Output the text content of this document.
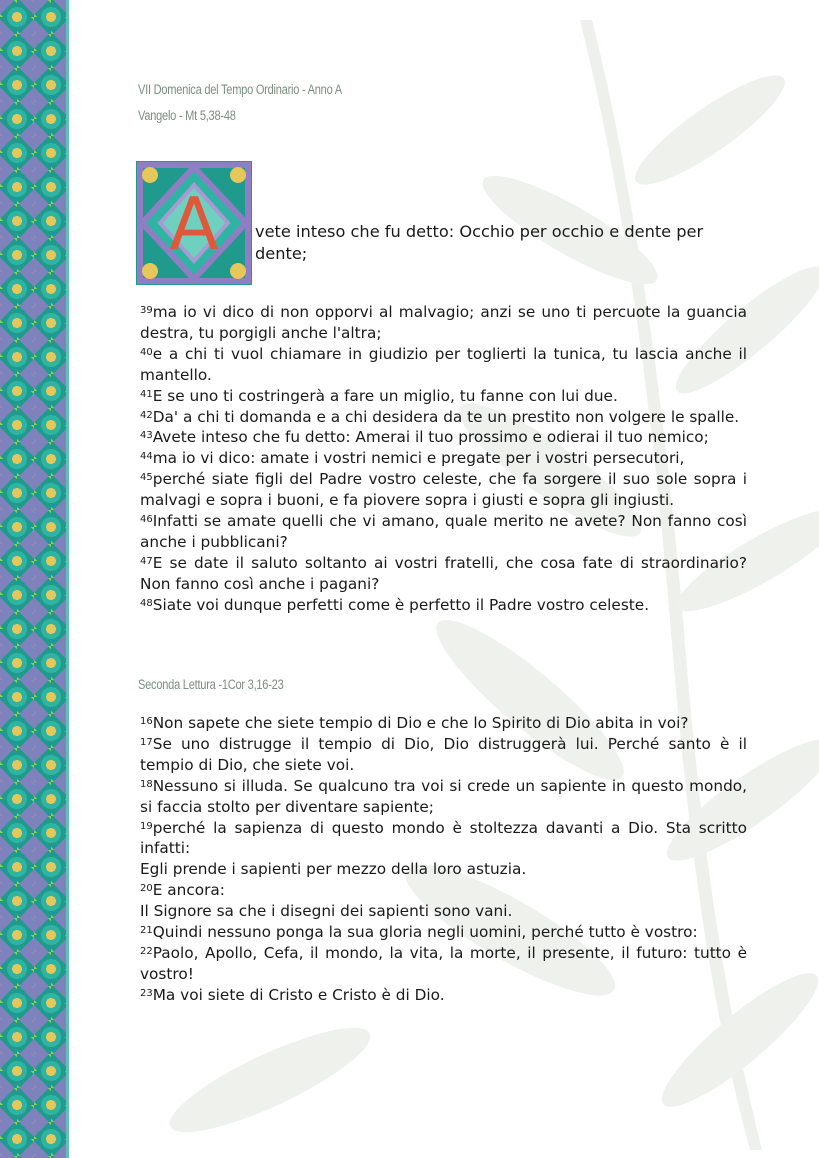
VII Domenica del Tempo Ordinario - Anno A
Vangelo - Mt 5,38-48
A vete inteso che fu detto: Occhio per occhio e dente per
dente;

$^{39}$ma io vi dico di non opporvi al malvagio; anzi se uno ti percuote la guancia destra, tu porgigli anche l'altra;

$^{40}$e a chi ti vuol chiamare in giudizio per toglierti la tunica, tu lascia anche il mantello.

$^{41}$E se uno ti costringerà a fare un miglio, tu fanne con lui due.

$^{42}$Da' a chi ti domanda e a chi desidera da te un prestito non volgere le spalle.

$^{43}$Avete inteso che fu detto: Amerai il tuo prossimo e odierai il tuo nemico;

$^{44}$ma io vi dico: amate i vostri nemici e pregate per i vostri persecutori,

$^{45}$perché siate figli del Padre vostro celeste, che fa sorgere il suo sole sopra i malvagi e sopra i buoni, e fa piovere sopra i giusti e sopra gli ingiusti.

$^{46}$Infatti se amate quelli che vi amano, quale merito ne avete? Non fanno così anche i pubblicani?

$^{47}$E se date il saluto soltanto ai vostri fratelli, che cosa fate di straordinario? Non fanno così anche i pagani?

$^{48}$Siate voi dunque perfetti come è perfetto il Padre vostro celeste.

Seconda Lettura -1Cor 3,16-23

$^{16}$Non sapete che siete tempio di Dio e che lo Spirito di Dio abita in voi?

$^{17}$Se uno distrugge il tempio di Dio, Dio distruggerà lui. Perché santo è il tempio di Dio, che siete voi.

$^{18}$Nessuno si illuda. Se qualcuno tra voi si crede un sapiente in questo mondo, si faccia stolto per diventare sapiente;

$^{19}$perché la sapienza di questo mondo è stoltezza davanti a Dio. Sta scritto infatti:

Egli prende i sapienti per mezzo della loro astuzia.

$^{20}$E ancora:

Il Signore sa che i disegni dei sapienti sono vani.

$^{21}$Quindi nessuno ponga la sua gloria negli uomini, perché tutto è vostro:

$^{22}$Paolo, Apollo, Cefa, il mondo, la vita, la morte, il presente, il futuro: tutto è vostro!

$^{23}$Ma voi siete di Cristo e Cristo è di Dio.
